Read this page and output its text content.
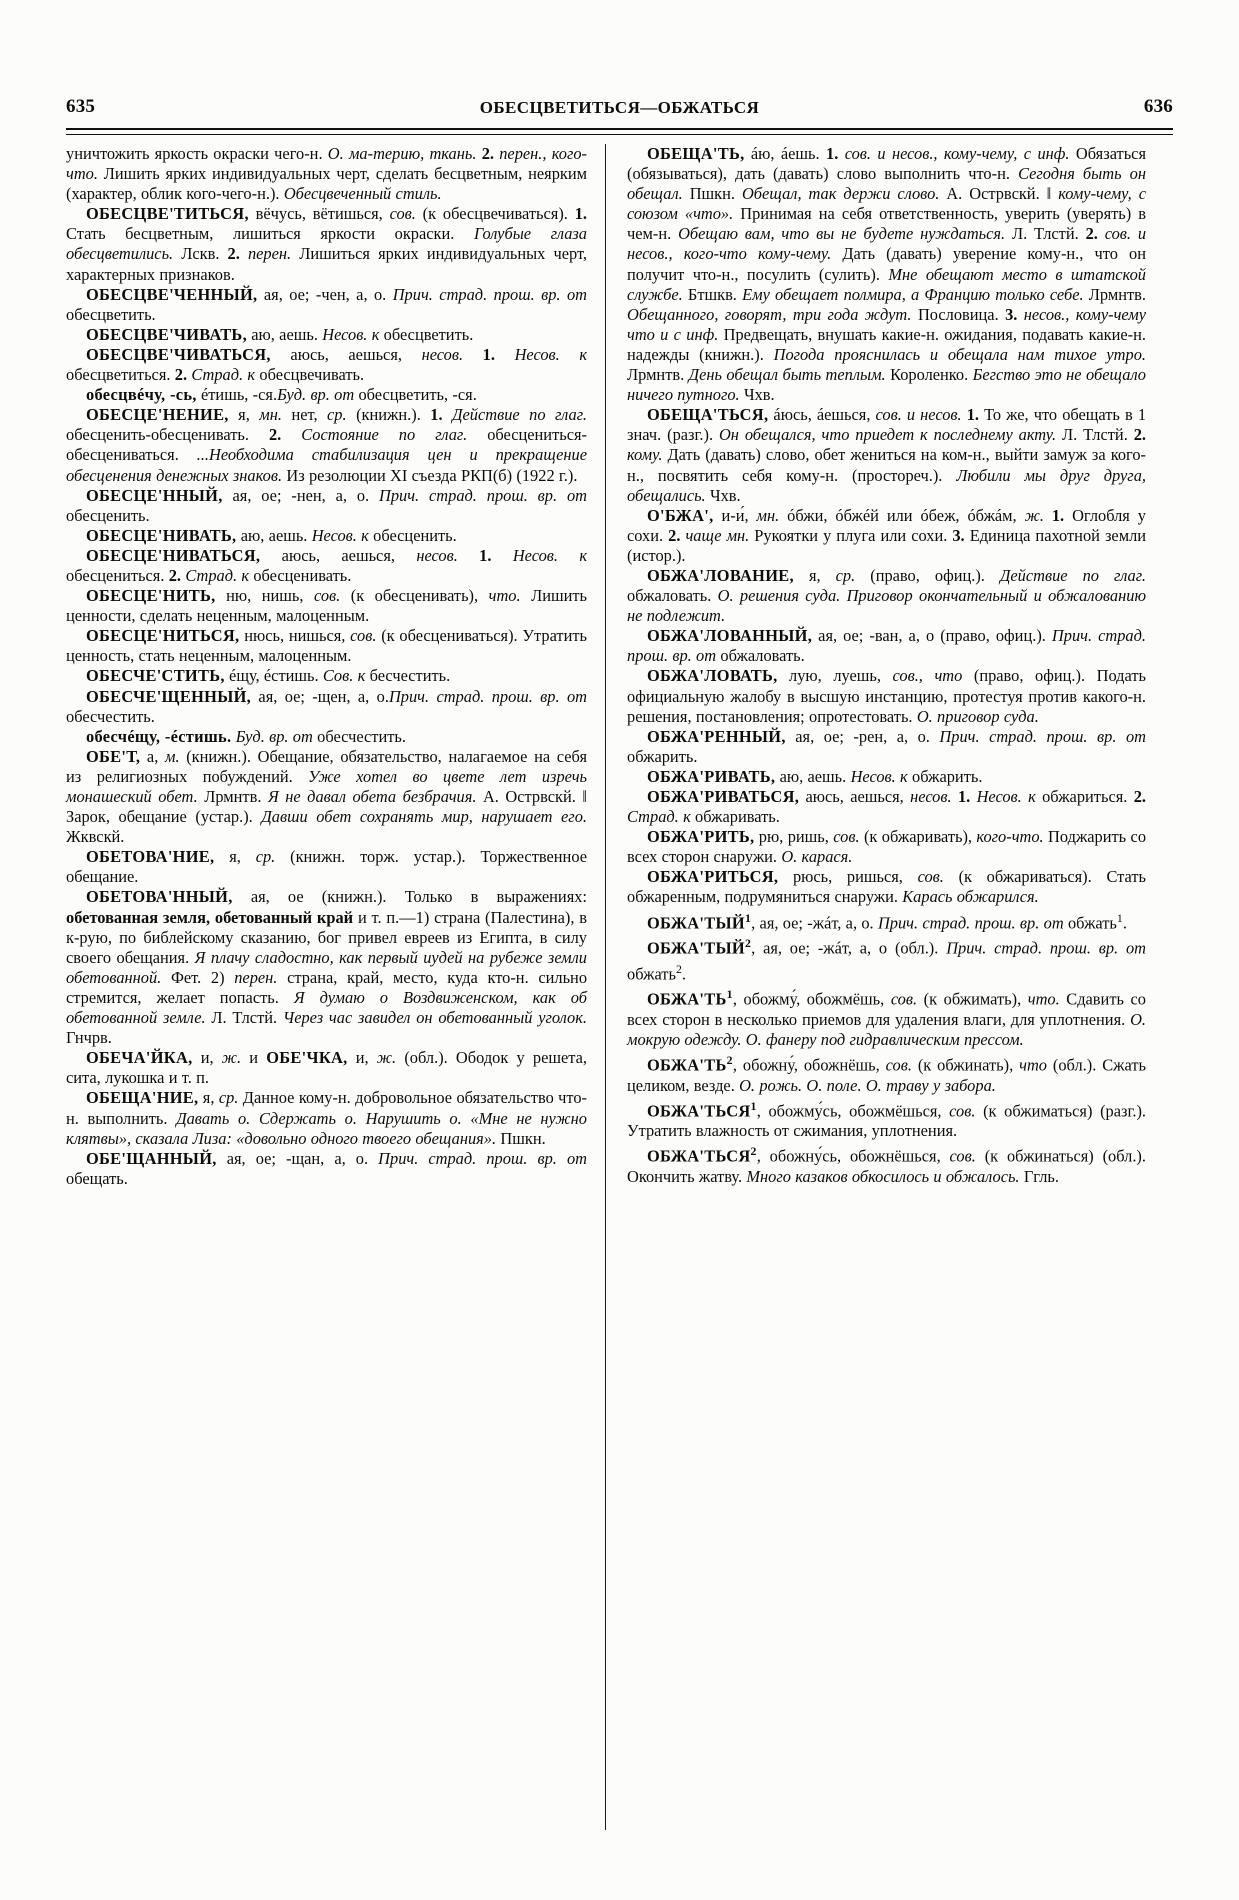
635	ОБЕСЦВЕТИТЬСЯ—ОБЖАТЬСЯ	636

уничтожить яркость окраски чего-н. О. ма-терию, ткань. 2. перен., кого-что. Лишить ярких индивидуальных черт, сделать бесцветным, неярким (характер, облик кого-чего-н.). Обесцвеченный стиль.

ОБЕСЦВЕ'ТИТЬСЯ, вёчусь, вётишься, сов. (к обесцвечиваться). 1. Стать бесцветным, лишиться яркости окраски. Голубые глаза обесцветились. Лскв. 2. перен. Лишиться ярких индивидуальных черт, характерных признаков.

ОБЕСЦВЕ'ЧЕННЫЙ, ая, ое; -чен, а, о. Прич. страд. прош. вр. от обесцветить.

ОБЕСЦВЕ'ЧИВАТЬ, аю, аешь. Несов. к обесцветить.

ОБЕСЦВЕ'ЧИВАТЬСЯ, аюсь, аешься, несов. 1. Несов. к обесцветиться. 2. Страд. к обесцвечивать.

обесцвéчу, -сь, éтишь, -ся.Буд. вр. от обесцветить, -ся.

ОБЕСЦЕ'НЕНИЕ, я, мн. нет, ср. (книжн.). 1. Действие по глаг. обесценить-обесценивать. 2. Состояние по глаг. обесцениться-обесцениваться. ...Необходима стабилизация цен и прекращение обесценения денежных знаков. Из резолюции XI съезда РКП(б) (1922 г.).

ОБЕСЦЕ'ННЫЙ, ая, ое; -нен, а, о. Прич. страд. прош. вр. от обесценить.

ОБЕСЦЕ'НИВАТЬ, аю, аешь. Несов. к обесценить.

ОБЕСЦЕ'НИВАТЬСЯ, аюсь, аешься, несов. 1. Несов. к обесцениться. 2. Страд. к обесценивать.

ОБЕСЦЕ'НИТЬ, ню, нишь, сов. (к обесценивать), что. Лишить ценности, сделать неценным, малоценным.

ОБЕСЦЕ'НИТЬСЯ, нюсь, нишься, сов. (к обесцениваться). Утратить ценность, стать неценным, малоценным.

ОБЕСЧЕ'СТИТЬ, éщу, éстишь. Сов. к бесчестить.

ОБЕСЧЕ'ЩЕННЫЙ, ая, ое; -щен, а, о.Прич. страд. прош. вр. от обесчестить.

обесчéщу, -éстишь. Буд. вр. от обесчестить.

ОБЕ'Т, а, м. (книжн.). Обещание, обязательство, налагаемое на себя из религиозных побуждений. Уже хотел во цвете лет изречь монашеский обет. Лрмнтв. Я не давал обета безбрачия. А. Острвскй. ‖ Зарок, обещание (устар.). Давши обет сохранять мир, нарушает его. Жквскй.

ОБЕТОВА'НИЕ, я, ср. (книжн. торж. устар.). Торжественное обещание.

ОБЕТОВА'ННЫЙ, ая, ое (книжн.). Только в выражениях: обетованная земля, обетованный край и т. п.—1) страна (Палестина), в к-рую, по библейскому сказанию, бог привел евреев из Египта, в силу своего обещания. Я плачу сладостно, как первый иудей на рубеже земли обетованной. Фет. 2) перен. страна, край, место, куда кто-н. сильно стремится, желает попасть. Я думаю о Воздвиженском, как об обетованной земле. Л. Тлстй. Через час завидел он обетованный уголок. Гнчрв.

ОБЕЧА'ЙКА, и, ж. и ОБЕ'ЧКА, и, ж. (обл.). Ободок у решета, сита, лукошка и т. п.

ОБЕЩА'НИЕ, я, ср. Данное кому-н. добровольное обязательство что-н. выполнить. Давать о. Сдержать о. Нарушить о. «Мне не нужно клятвы», сказала Лиза: «довольно одного твоего обещания». Пшкн.

ОБЕ'ЩАННЫЙ, ая, ое; -щан, а, о. Прич. страд. прош. вр. от обещать.

ОБЕЩА'ТЬ, áю, áешь. 1. сов. и несов., кому-чему, с инф. Обязаться (обязываться), дать (давать) слово выполнить что-н. Сегодня быть он обещал. Пшкн. Обещал, так держи слово. А. Острвскй. ‖ кому-чему, с союзом «что». Принимая на себя ответственность, уверить (уверять) в чем-н. Обещаю вам, что вы не будете нуждаться. Л. Тлстй. 2. сов. и несов., кого-что кому-чему. Дать (давать) уверение кому-н., что он получит что-н., посулить (сулить). Мне обещают место в штатской службе. Бтшкв. Ему обещает полмира, а Францию только себе. Лрмнтв. Обещанного, говорят, три года ждут. Пословица. 3. несов., кому-чему что и с инф. Предвещать, внушать какие-н. ожидания, подавать какие-н. надежды (книжн.). Погода прояснилась и обещала нам тихое утро. Лрмнтв. День обещал быть теплым. Короленко. Бегство это не обещало ничего путного. Чхв.

ОБЕЩА'ТЬСЯ, áюсь, áешься, сов. и несов. 1. То же, что обещать в 1 знач. (разг.). Он обещался, что приедет к последнему акту. Л. Тлстй. 2. кому. Дать (давать) слово, обет жениться на ком-н., выйти замуж за кого-н., посвятить себя кому-н. (простореч.). Любили мы друг друга, обещались. Чхв.

О'БЖА', и-и́, мн. óбжи, óбжéй или óбеж, óбжáм, ж. 1. Оглобля у сохи. 2. чаще мн. Рукоятки у плуга или сохи. 3. Единица пахотной земли (истор.).

ОБЖА'ЛОВАНИЕ, я, ср. (право, офиц.). Действие по глаг. обжаловать. О. решения суда. Приговор окончательный и обжалованию не подлежит.

ОБЖА'ЛОВАННЫЙ, ая, ое; -ван, а, о (право, офиц.). Прич. страд. прош. вр. от обжаловать.

ОБЖА'ЛОВАТЬ, лую, луешь, сов., что (право, офиц.). Подать официальную жалобу в высшую инстанцию, протестуя против какого-н. решения, постановления; опротестовать. О. приговор суда.

ОБЖА'РЕННЫЙ, ая, ое; -рен, а, о. Прич. страд. прош. вр. от обжарить.

ОБЖА'РИВАТЬ, аю, аешь. Несов. к обжарить.

ОБЖА'РИВАТЬСЯ, аюсь, аешься, несов. 1. Несов. к обжариться. 2. Страд. к обжаривать.

ОБЖА'РИТЬ, рю, ришь, сов. (к обжаривать), кого-что. Поджарить со всех сторон снаружи. О. карася.

ОБЖА'РИТЬСЯ, рюсь, ришься, сов. (к обжариваться). Стать обжаренным, подрумяниться снаружи. Карась обжарился.

ОБЖА'ТЫЙ$^1$, ая, ое; -жáт, а, о. Прич. страд. прош. вр. от обжать$^1$.

ОБЖА'ТЫЙ$^2$, ая, ое; -жáт, а, о (обл.). Прич. страд. прош. вр. от обжать$^2$.

$ОБЖА'ТЬ^1$, обожму́, обожмёшь, сов. (к обжимать), что. Сдавить со всех сторон в несколько приемов для удаления влаги, для уплотнения. О. мокрую одежду. О. фанеру под гидравлическим прессом.

$ОБЖА'ТЬ^2$, обожну́, обожнёшь, сов. (к обжинать), что (обл.). Сжать целиком, везде. О. рожь. О. поле. О. траву у забора.

ОБЖА'ТЬСЯ$^1$, обожму́сь, обожмёшься, сов. (к обжиматься) (разг.). Утратить влажность от сжимания, уплотнения.

ОБЖА'ТЬСЯ$^2$, обожну́сь, обожнёшься, сов. (к обжинаться) (обл.). Окончить жатву. Много казаков обкосилось и обжалось. Ггль.
